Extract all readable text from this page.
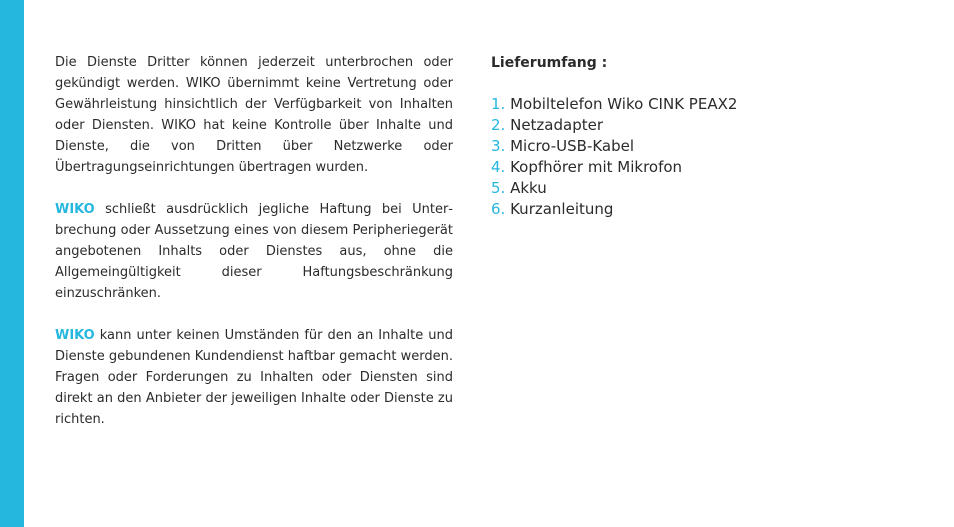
Die Dienste Dritter können jederzeit unterbrochen oder gekündigt werden. WIKO übernimmt keine Vertretung oder Gewährleistung hinsichtlich der Verfügbarkeit von Inhalten oder Diensten. WIKO hat keine Kontrolle über Inhalte und Dienste, die von Dritten über Netzwerke oder Übertragungseinrichtungen übertragen wurden.

WIKO schließt ausdrücklich jegliche Haftung bei Unterbrechung oder Aussetzung eines von diesem Peripheriegerät angebotenen Inhalts oder Dienstes aus, ohne die Allgemeingültigkeit dieser Haftungsbeschränkung einzuschränken.

WIKO kann unter keinen Umständen für den an Inhalte und Dienste gebundenen Kundendienst haftbar gemacht werden. Fragen oder Forderungen zu Inhalten oder Diensten sind direkt an den Anbieter der jeweiligen Inhalte oder Dienste zu richten.

Lieferumfang :
1. Mobiltelefon Wiko CINK PEAX2
2. Netzadapter
3. Micro-USB-Kabel
4. Kopfhörer mit Mikrofon
5. Akku
6. Kurzanleitung
